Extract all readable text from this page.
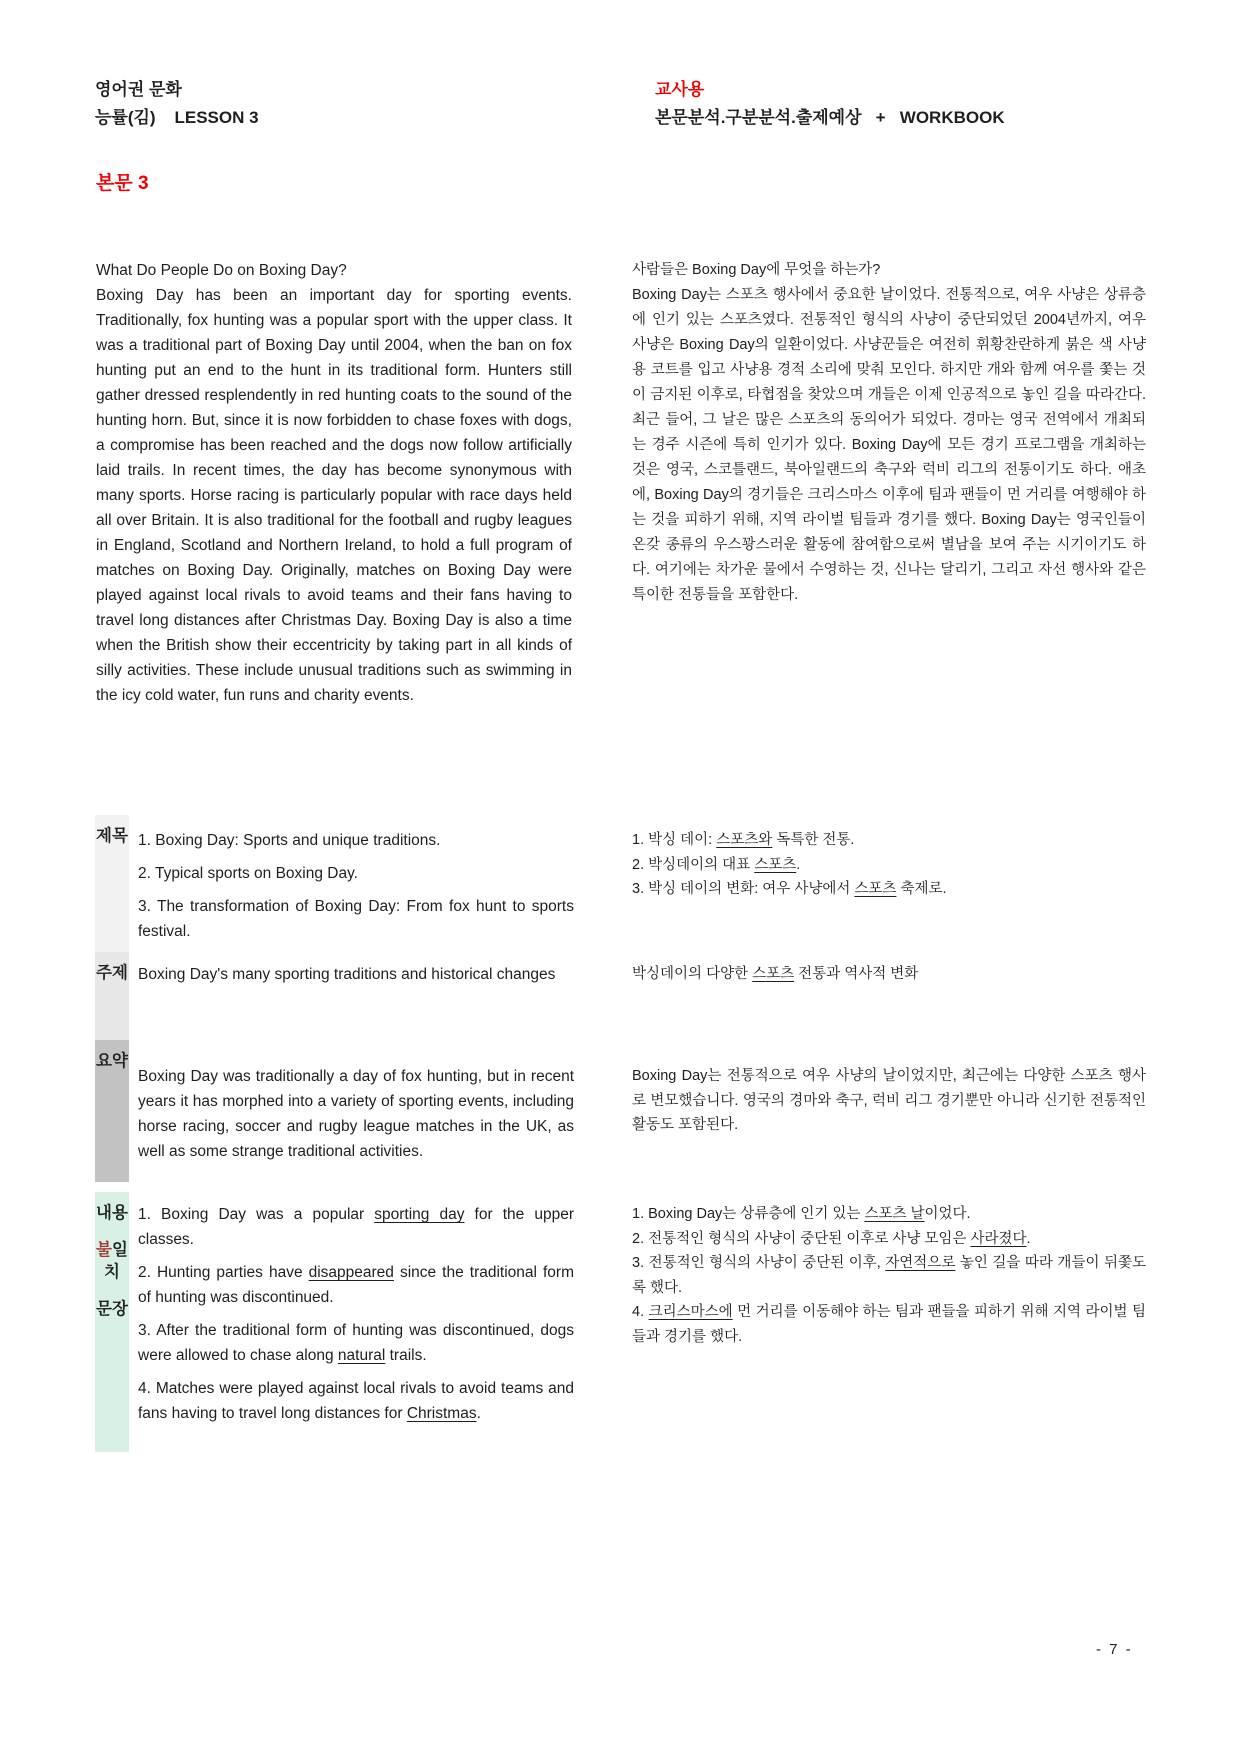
영어권 문화
능률(김)    LESSON 3
교사용
본문분석.구분분석.출제예상   +   WORKBOOK
본문 3

What Do People Do on Boxing Day?

Boxing Day has been an important day for sporting events. Traditionally, fox hunting was a popular sport with the upper class. It was a traditional part of Boxing Day until 2004, when the ban on fox hunting put an end to the hunt in its traditional form. Hunters still gather dressed resplendently in red hunting coats to the sound of the hunting horn. But, since it is now forbidden to chase foxes with dogs, a compromise has been reached and the dogs now follow artificially laid trails. In recent times, the day has become synonymous with many sports. Horse racing is particularly popular with race days held all over Britain. It is also traditional for the football and rugby leagues in England, Scotland and Northern Ireland, to hold a full program of matches on Boxing Day. Originally, matches on Boxing Day were played against local rivals to avoid teams and their fans having to travel long distances after Christmas Day. Boxing Day is also a time when the British show their eccentricity by taking part in all kinds of silly activities. These include unusual traditions such as swimming in the icy cold water, fun runs and charity events.

사람들은 Boxing Day에 무엇을 하는가?

Boxing Day는 스포츠 행사에서 중요한 날이었다. 전통적으로, 여우 사냥은 상류층에 인기 있는 스포츠였다. 전통적인 형식의 사냥이 중단되었던 2004년까지, 여우 사냥은 Boxing Day의 일환이었다. 사냥꾼들은 여전히 휘황찬란하게 붉은 색 사냥용 코트를 입고 사냥용 경적 소리에 맞춰 모인다. 하지만 개와 함께 여우를 쫓는 것이 금지된 이후로, 타협점을 찾았으며 개들은 이제 인공적으로 놓인 길을 따라간다. 최근 들어, 그 날은 많은 스포츠의 동의어가 되었다. 경마는 영국 전역에서 개최되는 경주 시즌에 특히 인기가 있다. Boxing Day에 모든 경기 프로그램을 개최하는 것은 영국, 스코틀랜드, 북아일랜드의 축구와 럭비 리그의 전통이기도 하다. 애초에, Boxing Day의 경기들은 크리스마스 이후에 팀과 팬들이 먼 거리를 여행해야 하는 것을 피하기 위해, 지역 라이벌 팀들과 경기를 했다. Boxing Day는 영국인들이 온갖 종류의 우스꽝스러운 활동에 참여함으로써 별남을 보여 주는 시기이기도 하다. 여기에는 차가운 물에서 수영하는 것, 신나는 달리기, 그리고 자선 행사와 같은 특이한 전통들을 포함한다.

제목 1. Boxing Day: Sports and unique traditions.

2. Typical sports on Boxing Day.

3. The transformation of Boxing Day: From fox hunt to sports festival.

1. 박싱 데이: 스포츠와 독특한 전통.

2. 박싱데이의 대표 스포츠.

3. 박싱 데이의 변화: 여우 사냥에서 스포츠 축제로.

주제 Boxing Day's many sporting traditions and historical changes	박싱데이의 다양한 스포츠 전통과 역사적 변화

요약

Boxing Day was traditionally a day of fox hunting, but in recent years it has morphed into a variety of sporting events, including horse racing, soccer and rugby league matches in the UK, as well as some strange traditional activities.

Boxing Day는 전통적으로 여우 사냥의 날이었지만, 최근에는 다양한 스포츠 행사로 변모했습니다. 영국의 경마와 축구, 럭비 리그 경기뿐만 아니라 신기한 전통적인 활동도 포함된다.

내용
불일치
문장

1. Boxing Day was a popular sporting day for the upper classes.

2. Hunting parties have disappeared since the traditional form of hunting was discontinued.

3. After the traditional form of hunting was discontinued, dogs were allowed to chase along natural trails.

4. Matches were played against local rivals to avoid teams and fans having to travel long distances for Christmas.

1. Boxing Day는 상류층에 인기 있는 스포츠 날이었다.

2. 전통적인 형식의 사냥이 중단된 이후로 사냥 모임은 사라졌다.

3. 전통적인 형식의 사냥이 중단된 이후, 자연적으로 놓인 길을 따라 개들이 뒤쫓도록 했다.

4. 크리스마스에 먼 거리를 이동해야 하는 팀과 팬들을 피하기 위해 지역 라이벌 팀들과 경기를 했다.

- 7 -
